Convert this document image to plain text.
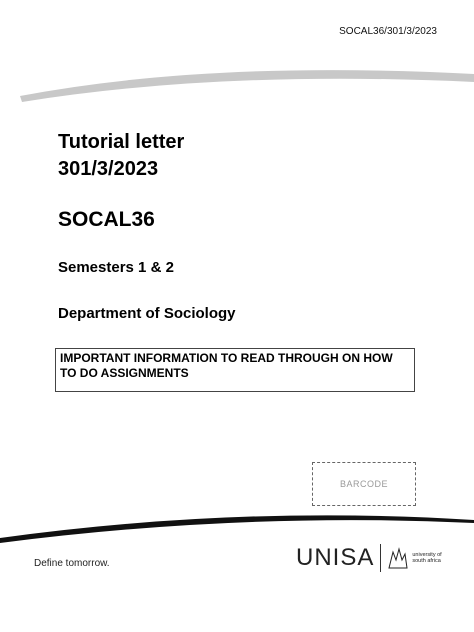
SOCAL36/301/3/2023
Tutorial letter
301/3/2023
SOCAL36
Semesters 1 & 2
Department of Sociology
IMPORTANT INFORMATION TO READ THROUGH ON HOW TO DO ASSIGNMENTS
BARCODE
Define tomorrow.	UNISA	university of south africa
